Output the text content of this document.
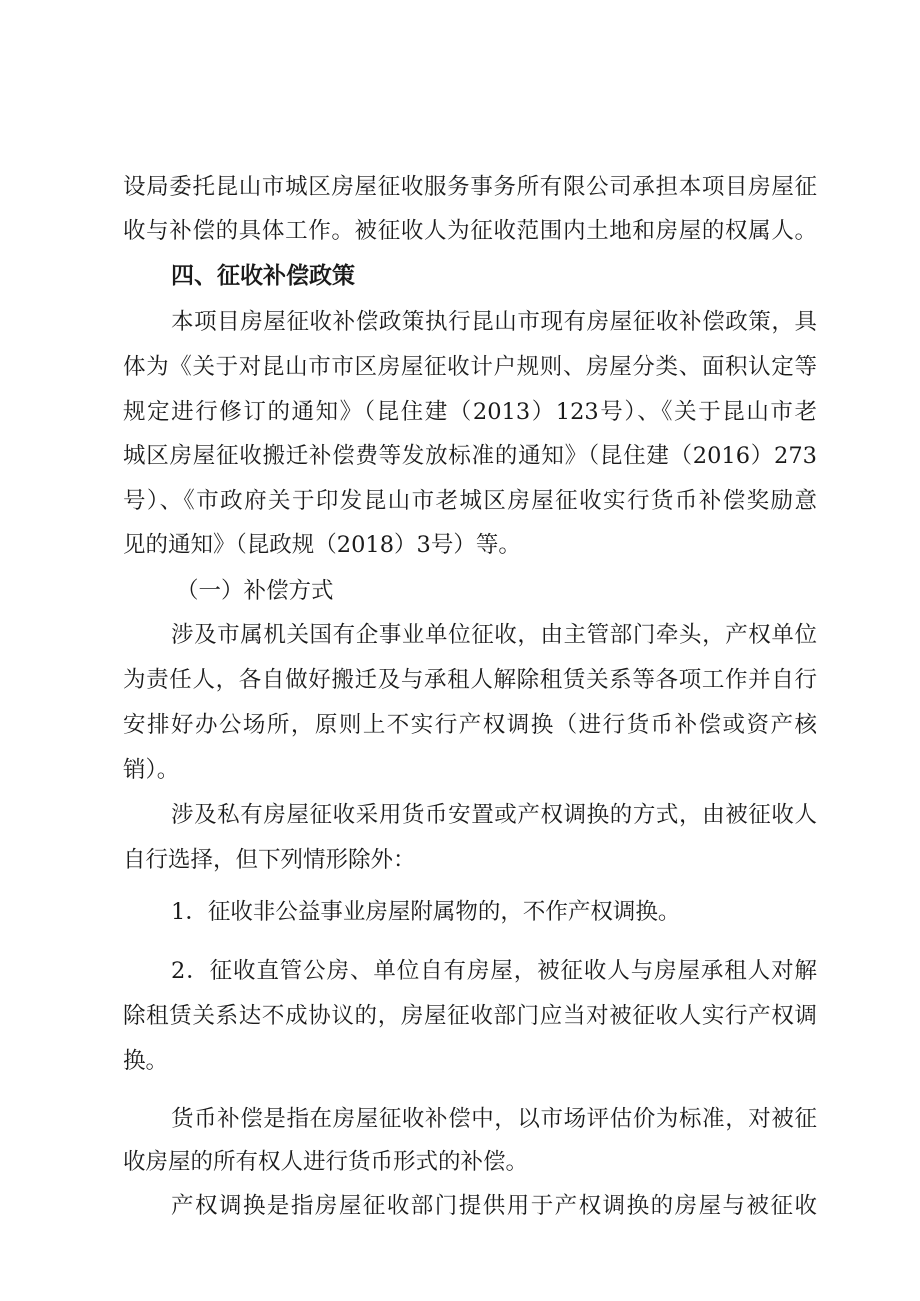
设局委托昆山市城区房屋征收服务事务所有限公司承担本项目房屋征
收与补偿的具体工作。被征收人为征收范围内土地和房屋的权属人。
四、征收补偿政策
本项目房屋征收补偿政策执行昆山市现有房屋征收补偿政策，具
体为《关于对昆山市市区房屋征收计户规则、房屋分类、面积认定等
规定进行修订的通知》（昆住建（2013）123号）、《关于昆山市老
城区房屋征收搬迁补偿费等发放标准的通知》（昆住建（2016）273
号）、《市政府关于印发昆山市老城区房屋征收实行货币补偿奖励意
见的通知》（昆政规（2018）3号）等。
（一）补偿方式
涉及市属机关国有企事业单位征收，由主管部门牵头，产权单位
为责任人，各自做好搬迁及与承租人解除租赁关系等各项工作并自行
安排好办公场所，原则上不实行产权调换（进行货币补偿或资产核
销）。
涉及私有房屋征收采用货币安置或产权调换的方式，由被征收人
自行选择，但下列情形除外：
1．征收非公益事业房屋附属物的，不作产权调换。
2．征收直管公房、单位自有房屋，被征收人与房屋承租人对解
除租赁关系达不成协议的，房屋征收部门应当对被征收人实行产权调
换。
货币补偿是指在房屋征收补偿中，以市场评估价为标准，对被征
收房屋的所有权人进行货币形式的补偿。
产权调换是指房屋征收部门提供用于产权调换的房屋与被征收
